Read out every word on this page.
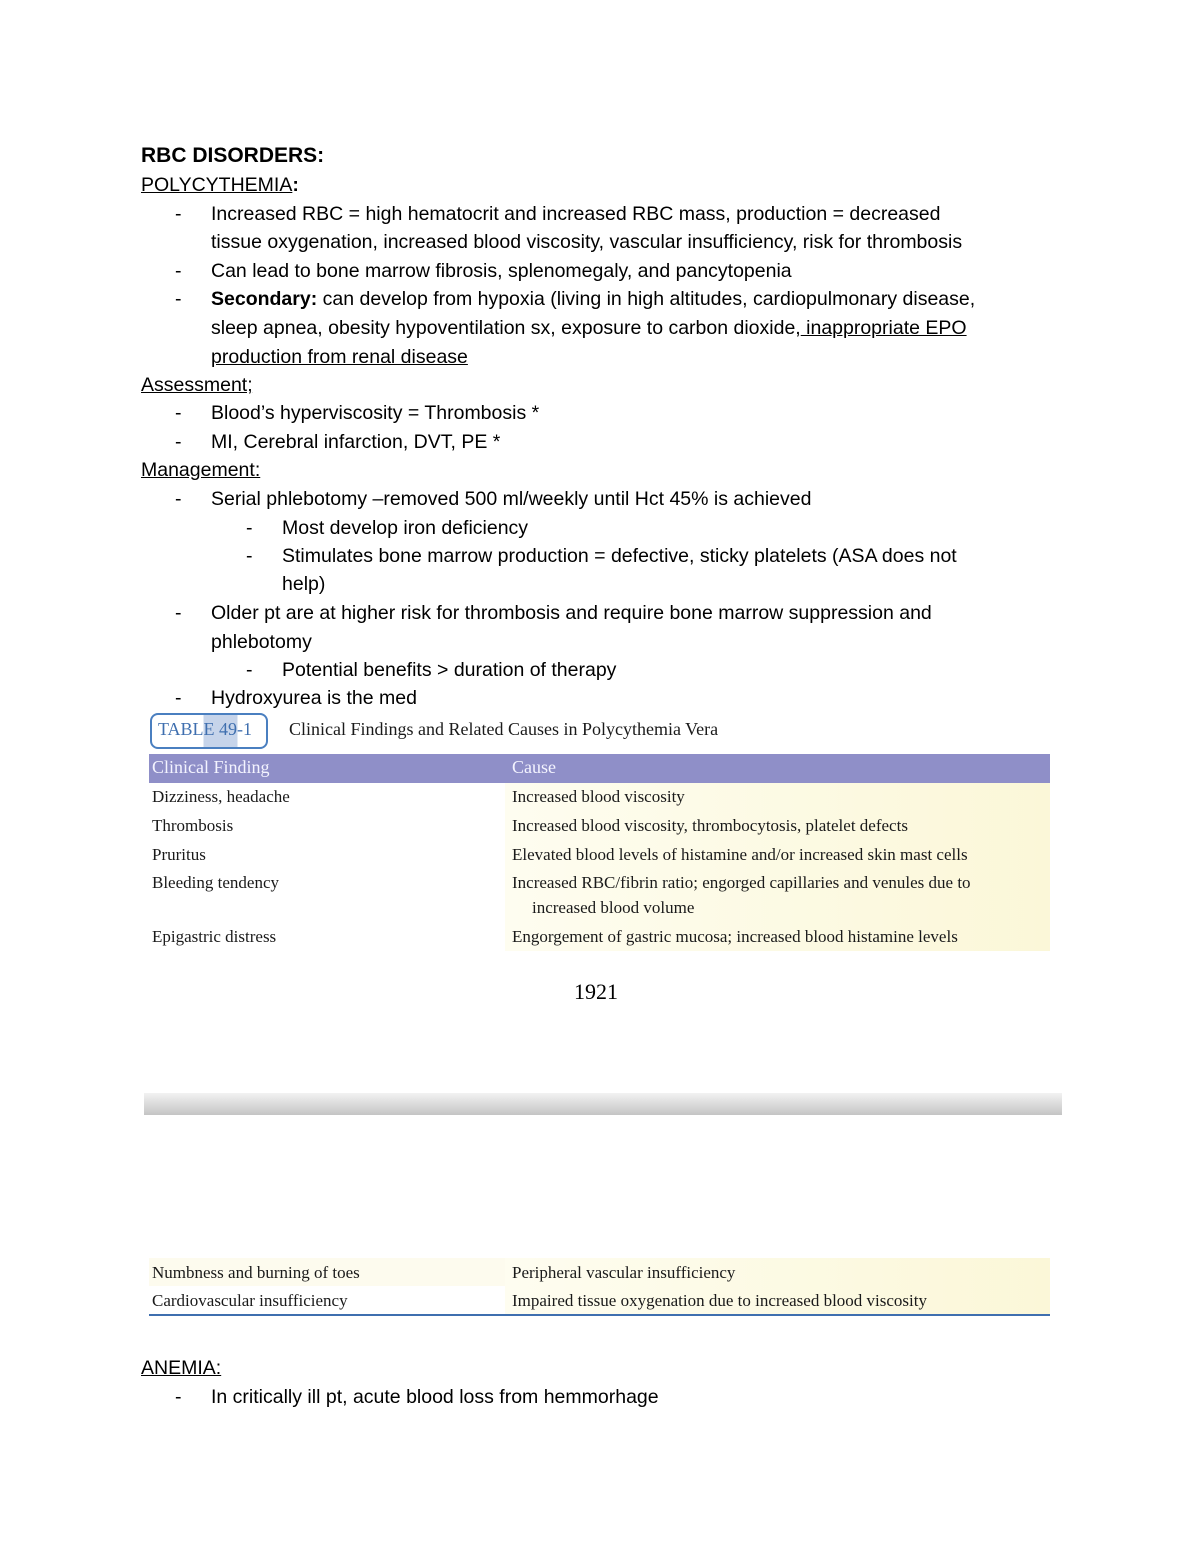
RBC DISORDERS:
POLYCYTHEMIA:
- Increased RBC = high hematocrit and increased RBC mass, production = decreased
tissue oxygenation, increased blood viscosity, vascular insufficiency, risk for thrombosis
- Can lead to bone marrow fibrosis, splenomegaly, and pancytopenia
- Secondary: can develop from hypoxia (living in high altitudes, cardiopulmonary disease,
sleep apnea, obesity hypoventilation sx, exposure to carbon dioxide, inappropriate EPO
production from renal disease
Assessment;
- Blood’s hyperviscosity = Thrombosis *
- MI, Cerebral infarction, DVT, PE *
Management:
- Serial phlebotomy –removed 500 ml/weekly until Hct 45% is achieved
- Most develop iron deficiency
- Stimulates bone marrow production = defective, sticky platelets (ASA does not
help)
- Older pt are at higher risk for thrombosis and require bone marrow suppression and
phlebotomy
- Potential benefits > duration of therapy
- Hydroxyurea is the med
TABLE 49-1 Clinical Findings and Related Causes in Polycythemia Vera
Clinical Finding	Cause
Dizziness, headache	Increased blood viscosity
Thrombosis	Increased blood viscosity, thrombocytosis, platelet defects
Pruritus	Elevated blood levels of histamine and/or increased skin mast cells
Bleeding tendency	Increased RBC/fibrin ratio; engorged capillaries and venules due to
increased blood volume
Epigastric distress	Engorgement of gastric mucosa; increased blood histamine levels
1921
Numbness and burning of toes	Peripheral vascular insufficiency
Cardiovascular insufficiency	Impaired tissue oxygenation due to increased blood viscosity
ANEMIA:
- In critically ill pt, acute blood loss from hemmorhage
